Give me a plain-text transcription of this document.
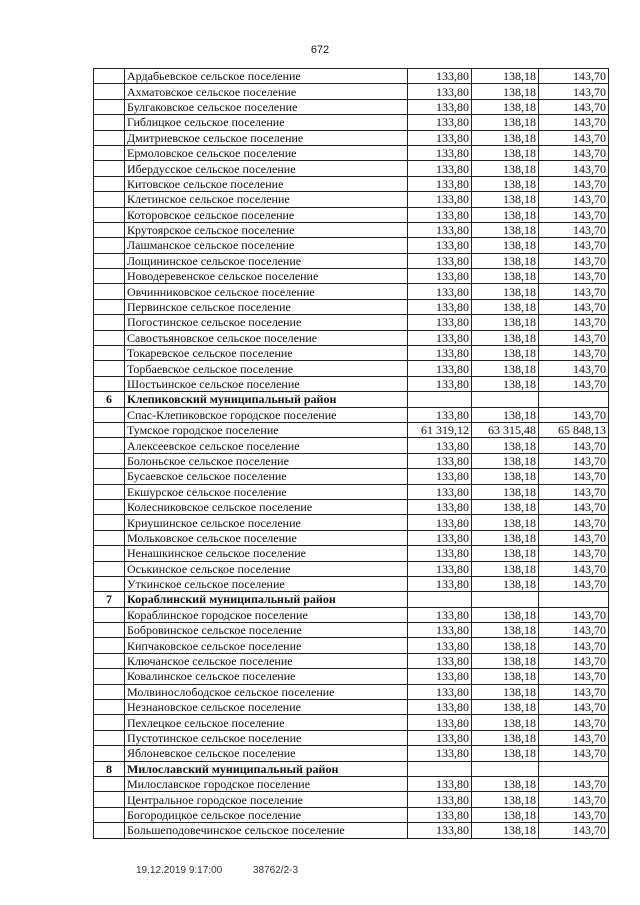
672
	Ардабьевское сельское поселение	133,80	138,18	143,70
	Ахматовское сельское поселение	133,80	138,18	143,70
	Булгаковское сельское поселение	133,80	138,18	143,70
	Гиблицкое сельское поселение	133,80	138,18	143,70
	Дмитриевское сельское поселение	133,80	138,18	143,70
	Ермоловское сельское поселение	133,80	138,18	143,70
	Ибердусское сельское поселение	133,80	138,18	143,70
	Китовское сельское поселение	133,80	138,18	143,70
	Клетинское сельское поселение	133,80	138,18	143,70
	Которовское сельское поселение	133,80	138,18	143,70
	Крутоярское сельское поселение	133,80	138,18	143,70
	Лашманское сельское поселение	133,80	138,18	143,70
	Лощининское сельское поселение	133,80	138,18	143,70
	Новодеревенское сельское поселение	133,80	138,18	143,70
	Овчинниковское сельское поселение	133,80	138,18	143,70
	Первинское сельское поселение	133,80	138,18	143,70
	Погостинское сельское поселение	133,80	138,18	143,70
	Савостьяновское сельское поселение	133,80	138,18	143,70
	Токаревское сельское поселение	133,80	138,18	143,70
	Торбаевское сельское поселение	133,80	138,18	143,70
	Шостьинское сельское поселение	133,80	138,18	143,70
6	Клепиковский муниципальный район			
	Спас-Клепиковское городское поселение	133,80	138,18	143,70
	Тумское городское поселение	61 319,12	63 315,48	65 848,13
	Алексеевское сельское поселение	133,80	138,18	143,70
	Болоньское сельское поселение	133,80	138,18	143,70
	Бусаевское сельское поселение	133,80	138,18	143,70
	Екшурское сельское поселение	133,80	138,18	143,70
	Колесниковское сельское поселение	133,80	138,18	143,70
	Криушинское сельское поселение	133,80	138,18	143,70
	Мольковское сельское поселение	133,80	138,18	143,70
	Ненашкинское сельское поселение	133,80	138,18	143,70
	Оськинское сельское поселение	133,80	138,18	143,70
	Уткинское сельское поселение	133,80	138,18	143,70
7	Кораблинский муниципальный район			
	Кораблинское городское поселение	133,80	138,18	143,70
	Бобровинское сельское поселение	133,80	138,18	143,70
	Кипчаковское сельское поселение	133,80	138,18	143,70
	Ключанское сельское поселение	133,80	138,18	143,70
	Ковалинское сельское поселение	133,80	138,18	143,70
	Молвинослободское сельское поселение	133,80	138,18	143,70
	Незнановское сельское поселение	133,80	138,18	143,70
	Пехлецкое сельское поселение	133,80	138,18	143,70
	Пустотинское сельское поселение	133,80	138,18	143,70
	Яблоневское сельское поселение	133,80	138,18	143,70
8	Милославский муниципальный район			
	Милославское городское поселение	133,80	138,18	143,70
	Центральное городское поселение	133,80	138,18	143,70
	Богородицкое сельское поселение	133,80	138,18	143,70
	Большеподовечинское сельское поселение	133,80	138,18	143,70
19.12.2019 9:17:00	38762/2-3
